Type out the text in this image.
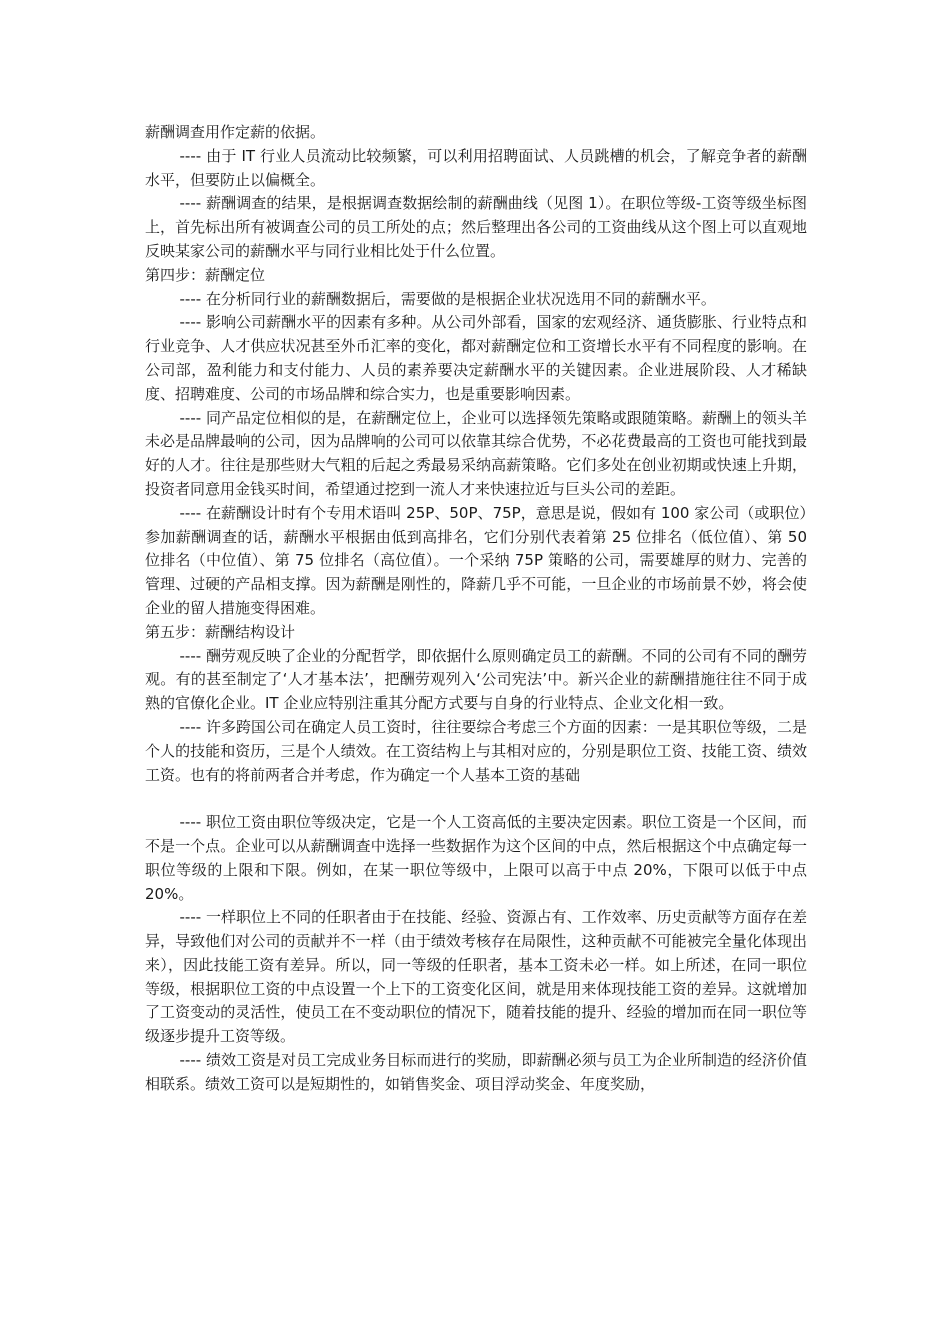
薪酬调查用作定薪的依据。

---- 由于 IT 行业人员流动比较频繁，可以利用招聘面试、人员跳槽的机会，了解竞争者的薪酬水平，但要防止以偏概全。

---- 薪酬调查的结果，是根据调查数据绘制的薪酬曲线（见图 1）。在职位等级-工资等级坐标图上，首先标出所有被调查公司的员工所处的点；然后整理出各公司的工资曲线从这个图上可以直观地反映某家公司的薪酬水平与同行业相比处于什么位置。

第四步：薪酬定位

---- 在分析同行业的薪酬数据后，需要做的是根据企业状况选用不同的薪酬水平。

---- 影响公司薪酬水平的因素有多种。从公司外部看，国家的宏观经济、通货膨胀、行业特点和行业竞争、人才供应状况甚至外币汇率的变化，都对薪酬定位和工资增长水平有不同程度的影响。在公司部，盈利能力和支付能力、人员的素养要决定薪酬水平的关键因素。企业进展阶段、人才稀缺度、招聘难度、公司的市场品牌和综合实力，也是重要影响因素。

---- 同产品定位相似的是，在薪酬定位上，企业可以选择领先策略或跟随策略。薪酬上的领头羊未必是品牌最响的公司，因为品牌响的公司可以依靠其综合优势，不必花费最高的工资也可能找到最好的人才。往往是那些财大气粗的后起之秀最易采纳高薪策略。它们多处在创业初期或快速上升期，投资者同意用金钱买时间，希望通过挖到一流人才来快速拉近与巨头公司的差距。

---- 在薪酬设计时有个专用术语叫 25P、50P、75P，意思是说，假如有 100 家公司（或职位）参加薪酬调查的话，薪酬水平根据由低到高排名，它们分别代表着第 25 位排名（低位值）、第 50 位排名（中位值）、第 75 位排名（高位值）。一个采纳 75P 策略的公司，需要雄厚的财力、完善的管理、过硬的产品相支撑。因为薪酬是刚性的，降薪几乎不可能，一旦企业的市场前景不妙，将会使企业的留人措施变得困难。

第五步：薪酬结构设计

---- 酬劳观反映了企业的分配哲学，即依据什么原则确定员工的薪酬。不同的公司有不同的酬劳观。有的甚至制定了‘人才基本法’，把酬劳观列入‘公司宪法’中。新兴企业的薪酬措施往往不同于成熟的官僚化企业。IT 企业应特别注重其分配方式要与自身的行业特点、企业文化相一致。

---- 许多跨国公司在确定人员工资时，往往要综合考虑三个方面的因素：一是其职位等级，二是个人的技能和资历，三是个人绩效。在工资结构上与其相对应的，分别是职位工资、技能工资、绩效工资。也有的将前两者合并考虑，作为确定一个人基本工资的基础

---- 职位工资由职位等级决定，它是一个人工资高低的主要决定因素。职位工资是一个区间，而不是一个点。企业可以从薪酬调查中选择一些数据作为这个区间的中点，然后根据这个中点确定每一职位等级的上限和下限。例如，在某一职位等级中，上限可以高于中点 20%，下限可以低于中点 20%。

---- 一样职位上不同的任职者由于在技能、经验、资源占有、工作效率、历史贡献等方面存在差异，导致他们对公司的贡献并不一样（由于绩效考核存在局限性，这种贡献不可能被完全量化体现出来），因此技能工资有差异。所以，同一等级的任职者，基本工资未必一样。如上所述，在同一职位等级，根据职位工资的中点设置一个上下的工资变化区间，就是用来体现技能工资的差异。这就增加了工资变动的灵活性，使员工在不变动职位的情况下，随着技能的提升、经验的增加而在同一职位等级逐步提升工资等级。

---- 绩效工资是对员工完成业务目标而进行的奖励，即薪酬必须与员工为企业所制造的经济价值相联系。绩效工资可以是短期性的，如销售奖金、项目浮动奖金、年度奖励，
